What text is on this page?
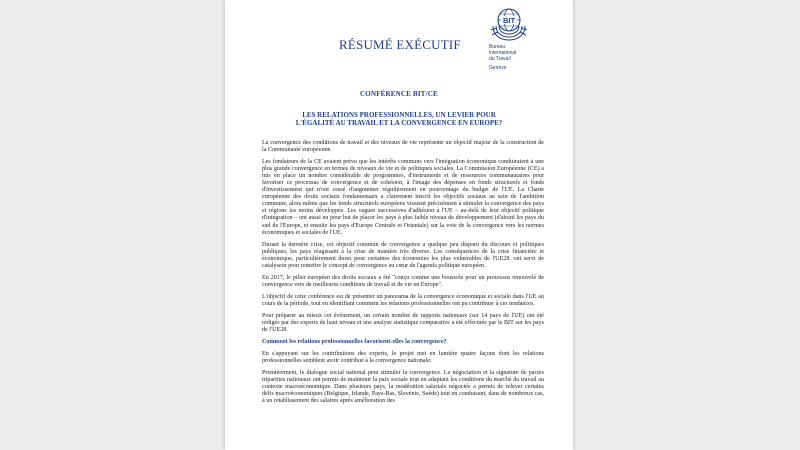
RÉSUMÉ EXÉCUTIF
BIT
Bureau
international
du Travail
Genève
CONFÉRENCE BIT/CE
LES RELATIONS PROFESSIONNELLES, UN LEVIER POUR
L'ÉGALITÉ AU TRAVAIL ET LA CONVERGENCE EN EUROPE?

La convergence des conditions de travail et des niveaux de vie représente un objectif majeur de la construction de la Communauté européenne.

Les fondateurs de la CE avaient prévu que les intérêts communs vers l'intégration économique conduiraient à une plus grande convergence en termes de niveaux de vie et de politiques sociales. La Commission Européenne (CE) a mis en place un nombre considérable de programmes, d'instruments et de ressources communautaires pour favoriser ce processus de convergence et de cohésion, à l'image des dépenses en fonds structurels et fonds d'investissement qui n'ont cessé d'augmenter régulièrement en pourcentage du budget de l'UE. La Charte européenne des droits sociaux fondamentaux a clairement inscrit les objectifs sociaux au sein de l'ambition commune, alors même que les fonds structurels européens visaient précisément à stimuler la convergence des pays et régions les moins développés. Les vagues successives d'adhésion à l'UE – au-delà de leur objectif politique d'intégration – ont aussi eu pour but de placer les pays à plus faible niveau de développement (d'abord les pays du sud de l'Europe, et ensuite les pays d'Europe Centrale et Orientale) sur la voie de la convergence vers les normes économiques et sociales de l'UE.

Durant la dernière crise, cet objectif commun de convergence a quelque peu disparu du discours et politiques publiques, les pays réagissant à la crise de manière très diverse. Les conséquences de la crise financière et économique, particulièrement dures pour certaines des économies les plus vulnérables de l'UE28, ont servi de catalyseur pour remettre le concept de convergence au cœur de l'agenda politique européen.

En 2017, le pilier européen des droits sociaux a été "conçu comme une boussole pour un processus renouvelé de convergence vers de meilleures conditions de travail et de vie en Europe".

L'objectif de cette conférence est de présenter un panorama de la convergence économique et sociale dans l'UE au cours de la période, tout en identifiant comment les relations professionnelles ont pu contribuer à ces tendances.

Pour préparer au mieux cet événement, un certain nombre de rapports nationaux (sur 14 pays de l'UE) ont été rédigés par des experts de haut niveau et une analyse statistique comparative a été effectuée par le BIT sur les pays de l'UE28.

Comment les relations professionnelles favorisent-elles la convergence?

En s'appuyant sur les contributions des experts, le projet met en lumière quatre façons dont les relations professionnelles semblent avoir contribué à la convergence nationale:

Premièrement, le dialogue social national peut stimuler la convergence. La négociation et la signature de pactes tripartites nationaux ont permis de maintenir la paix sociale tout en adaptant les conditions du marché du travail au contexte macroéconomique. Dans plusieurs pays, la modération salariale négociée a permis de relever certains défis macroéconomiques (Belgique, Irlande, Pays-Bas, Slovénie, Suède) tout en conduisant, dans de nombreux cas, à un rétablissement des salaires après amélioration des
